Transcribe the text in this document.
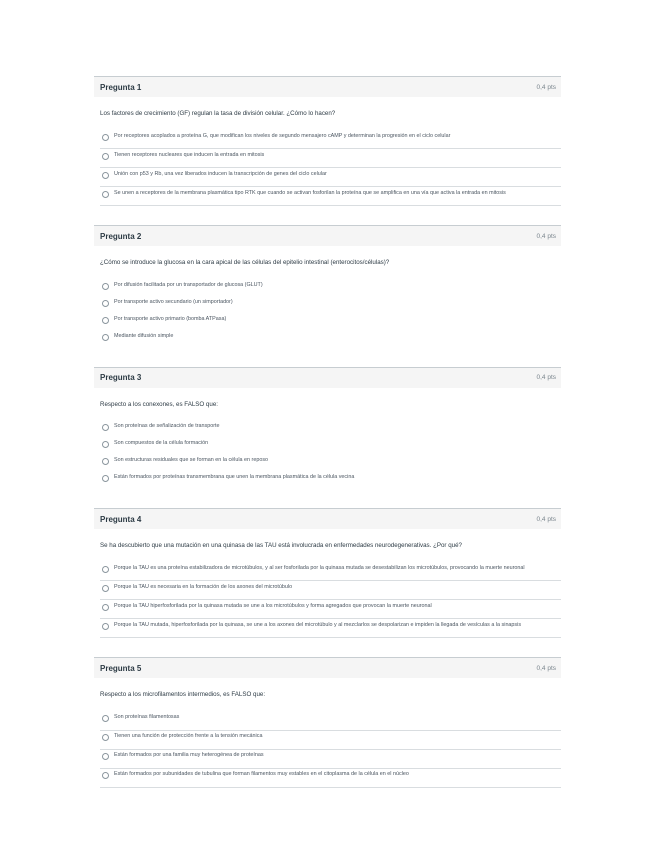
Pregunta 1	0,4 pts
Los factores de crecimiento (GF) regulan la tasa de división celular. ¿Cómo lo hacen?
Por receptores acoplados a proteína G, que modifican los niveles de segundo mensajero cAMP y determinan la progresión en el ciclo celular
Tienen receptores nucleares que inducen la entrada en mitosis
Unión con p53 y Rb, una vez liberados inducen la transcripción de genes del ciclo celular
Se unen a receptores de la membrana plasmática tipo RTK que cuando se activan fosforilan la proteína que se amplifica en una vía que activa la entrada en mitosis
Pregunta 2	0,4 pts
¿Cómo se introduce la glucosa en la cara apical de las células del epitelio intestinal (enterocitos/células)?
Por difusión facilitada por un transportador de glucosa (GLUT)
Por transporte activo secundario (un simportador)
Por transporte activo primario (bomba ATPasa)
Mediante difusión simple
Pregunta 3	0,4 pts
Respecto a los conexones, es FALSO que:
Son proteínas de señalización de transporte
Son compuestos de la célula formación
Son estructuras residuales que se forman en la célula en reposo
Están formados por proteínas transmembrana que unen la membrana plasmática de la célula vecina
Pregunta 4	0,4 pts
Se ha descubierto que una mutación en una quinasa de las TAU está involucrada en enfermedades neurodegenerativas. ¿Por qué?
Porque la TAU es una proteína estabilizadora de microtúbulos, y al ser fosforilada por la quinasa mutada se desestabilizan los microtúbulos, provocando la muerte neuronal
Porque la TAU es necesaria en la formación de los axones del microtúbulo
Porque la TAU hiperfosforilada por la quinasa mutada se une a los microtúbulos y forma agregados que provocan la muerte neuronal
Porque la TAU mutada, hiperfosforilada por la quinasa, se une a los axones del microtúbulo y al mezclarlos se despolarizan e impiden la llegada de vesículas a la sinapsis
Pregunta 5	0,4 pts
Respecto a los microfilamentos intermedios, es FALSO que:
Son proteínas filamentosas
Tienen una función de protección frente a la tensión mecánica
Están formados por una familia muy heterogénea de proteínas
Están formados por subunidades de tubulina que forman filamentos muy estables en el citoplasma de la célula en el núcleo
